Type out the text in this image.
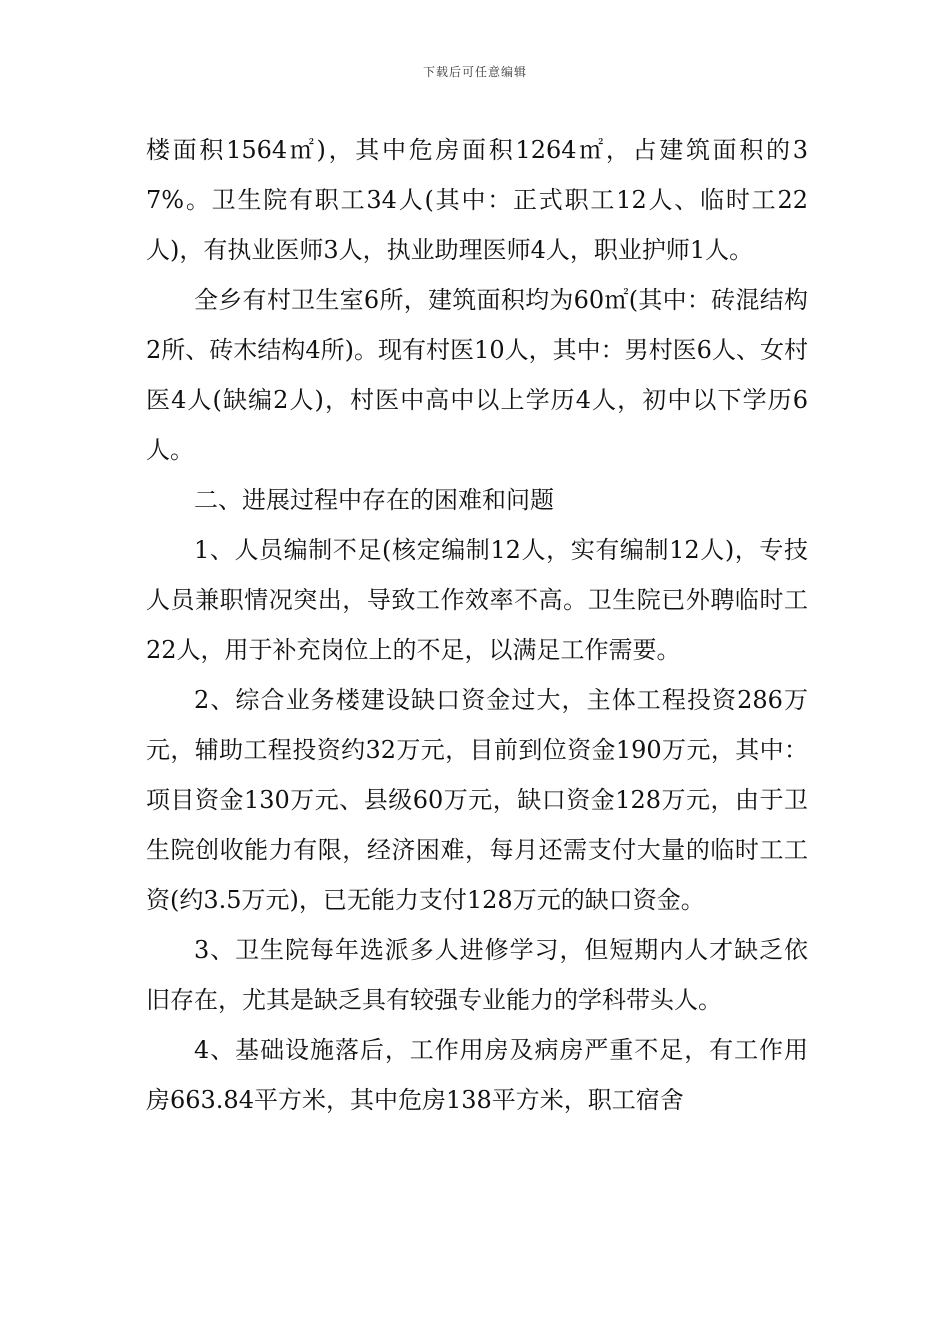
下载后可任意编辑

楼面积1564㎡)，其中危房面积1264㎡，占建筑面积的37%。卫生院有职工34人(其中：正式职工12人、临时工22人)，有执业医师3人，执业助理医师4人，职业护师1人。

全乡有村卫生室6所，建筑面积均为60㎡(其中：砖混结构2所、砖木结构4所)。现有村医10人，其中：男村医6人、女村医4人(缺编2人)，村医中高中以上学历4人，初中以下学历6人。

二、进展过程中存在的困难和问题

1、人员编制不足(核定编制12人，实有编制12人)，专技人员兼职情况突出，导致工作效率不高。卫生院已外聘临时工22人，用于补充岗位上的不足，以满足工作需要。

2、综合业务楼建设缺口资金过大，主体工程投资286万元，辅助工程投资约32万元，目前到位资金190万元，其中：项目资金130万元、县级60万元，缺口资金128万元，由于卫生院创收能力有限，经济困难，每月还需支付大量的临时工工资(约3.5万元)，已无能力支付128万元的缺口资金。

3、卫生院每年选派多人进修学习，但短期内人才缺乏依旧存在，尤其是缺乏具有较强专业能力的学科带头人。

4、基础设施落后，工作用房及病房严重不足，有工作用房663.84平方米，其中危房138平方米，职工宿舍
